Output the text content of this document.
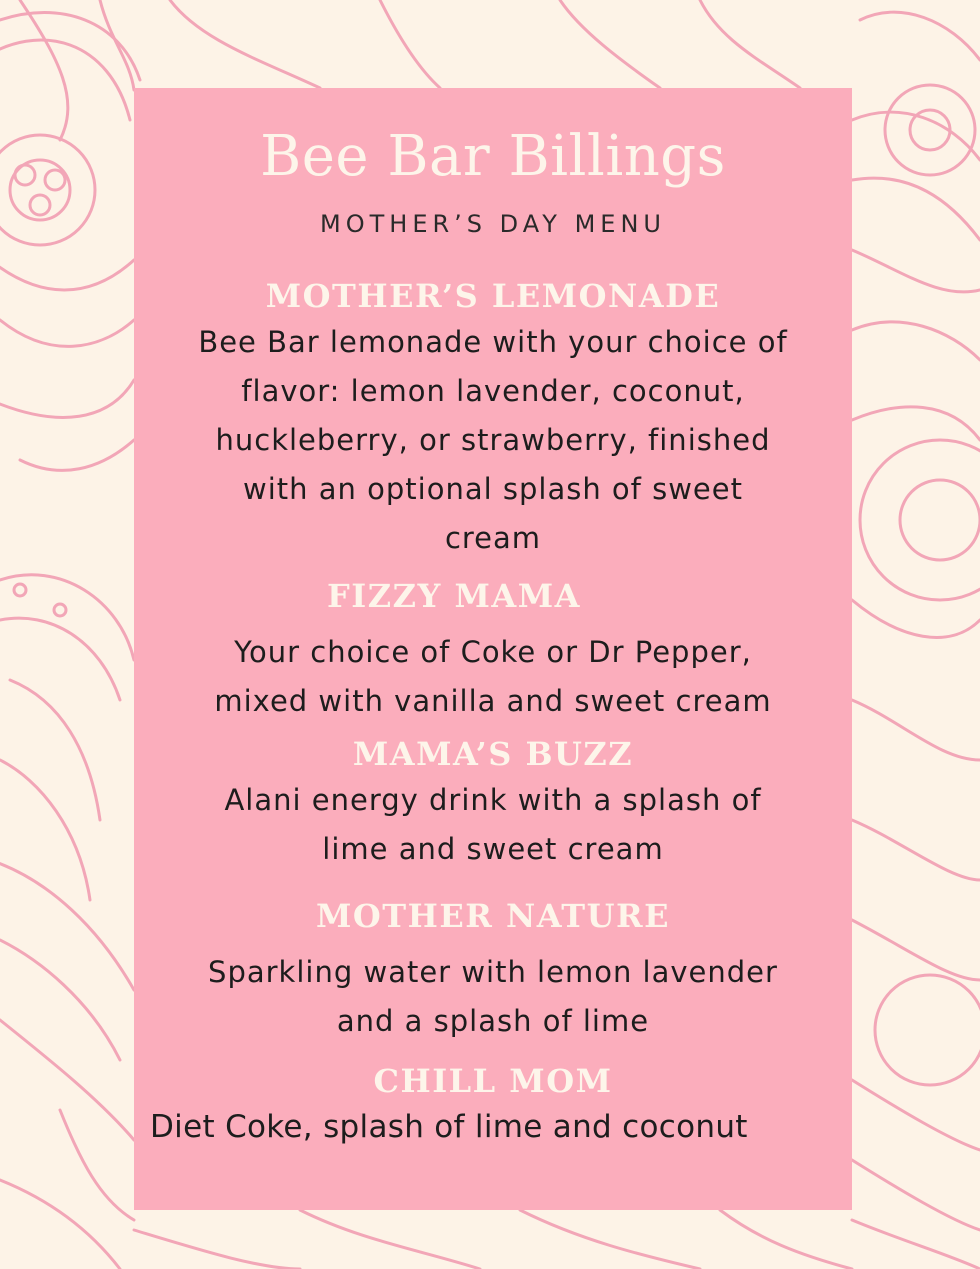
Bee Bar Billings
MOTHER’S DAY MENU
MOTHER’S LEMONADE
Bee Bar lemonade with your choice of
flavor: lemon lavender, coconut,
huckleberry, or strawberry, finished
with an optional splash of sweet
cream
FIZZY MAMA
Your choice of Coke or Dr Pepper,
mixed with vanilla and sweet cream
MAMA’S BUZZ
Alani energy drink with a splash of
lime and sweet cream
MOTHER NATURE
Sparkling water with lemon lavender
and a splash of lime
CHILL MOM
Diet Coke, splash of lime and coconut
